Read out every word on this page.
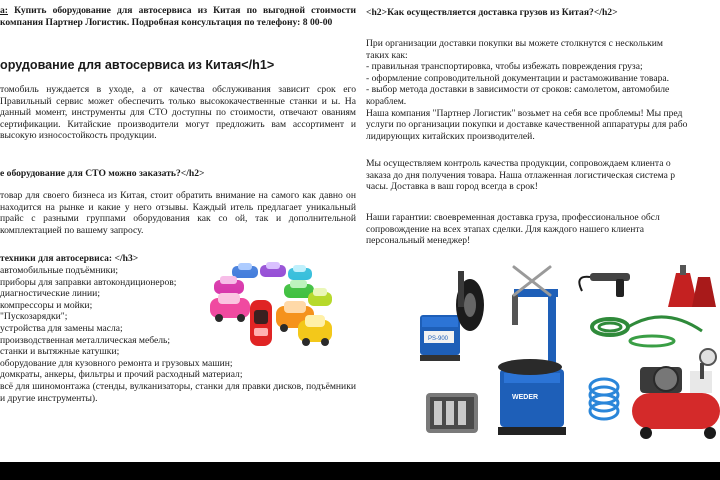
а: Купить оборудование для автосервиса из Китая по выгодной стоимости компания Партнер Логистик. Подробная консультация по телефону: 8 00-00
орудование для автосервиса из Китая</h1>
томобиль нуждается в уходе, а от качества обслуживания зависит срок его Правильный сервис может обеспечить только высококачественные станки и ы. На данный момент, инструменты для СТО доступны по стоимости, отвечают ованиям сертификации. Китайские производители могут предложить вам ассортимент и высокую износостойкость продукции.
е оборудование для СТО можно заказать?</h2>
товар для своего бизнеса из Китая, стоит обратить внимание на самого как давно он находится на рынке и какие у него отзывы. Каждый итель предлагает уникальный прайс с разными группами оборудования как со ой, так и дополнительной комплектацией по вашему запросу.
техники для автосервиса: </h3>
автомобильные подъёмники;
приборы для заправки автокондиционеров;
диагностические линии;
компрессоры и мойки;
"Пускозарядки";
устройства для замены масла;
производственная металлическая мебель;
станки и вытяжные катушки;
оборудование для кузовного ремонта и грузовых машин;
домкраты, анкеры, фильтры и прочий расходный материал;
всё для шиномонтажа (стенды, вулканизаторы, станки для правки дисков, подъёмники и другие инструменты).
<h2>Как осуществляется доставка грузов из Китая?</h2>
При организации доставки покупки вы можете столкнутся с нескольким
таких как:
- правильная транспортировка, чтобы избежать повреждения груза;
- оформление сопроводительной документации и растаможивание товара.
- выбор метода доставки в зависимости от сроков: самолетом, автомобиле
кораблем.
Наша компания "Партнер Логистик" возьмет на себя все проблемы! Мы пред
услуги по организации покупки и доставке качественной аппаратуры для рабо
лидирующих китайских производителей.
Мы осуществляем контроль качества продукции, сопровождаем клиента о
заказа до дня получения товара. Наша отлаженная логистическая система р
часы. Доставка в ваш город всегда в срок!
Наши гарантии: своевременная доставка груза, профессиональное обсл
сопровождение на всех этапах сделки. Для каждого нашего клиента
персональный менеджер!
PS-900
WEDER
